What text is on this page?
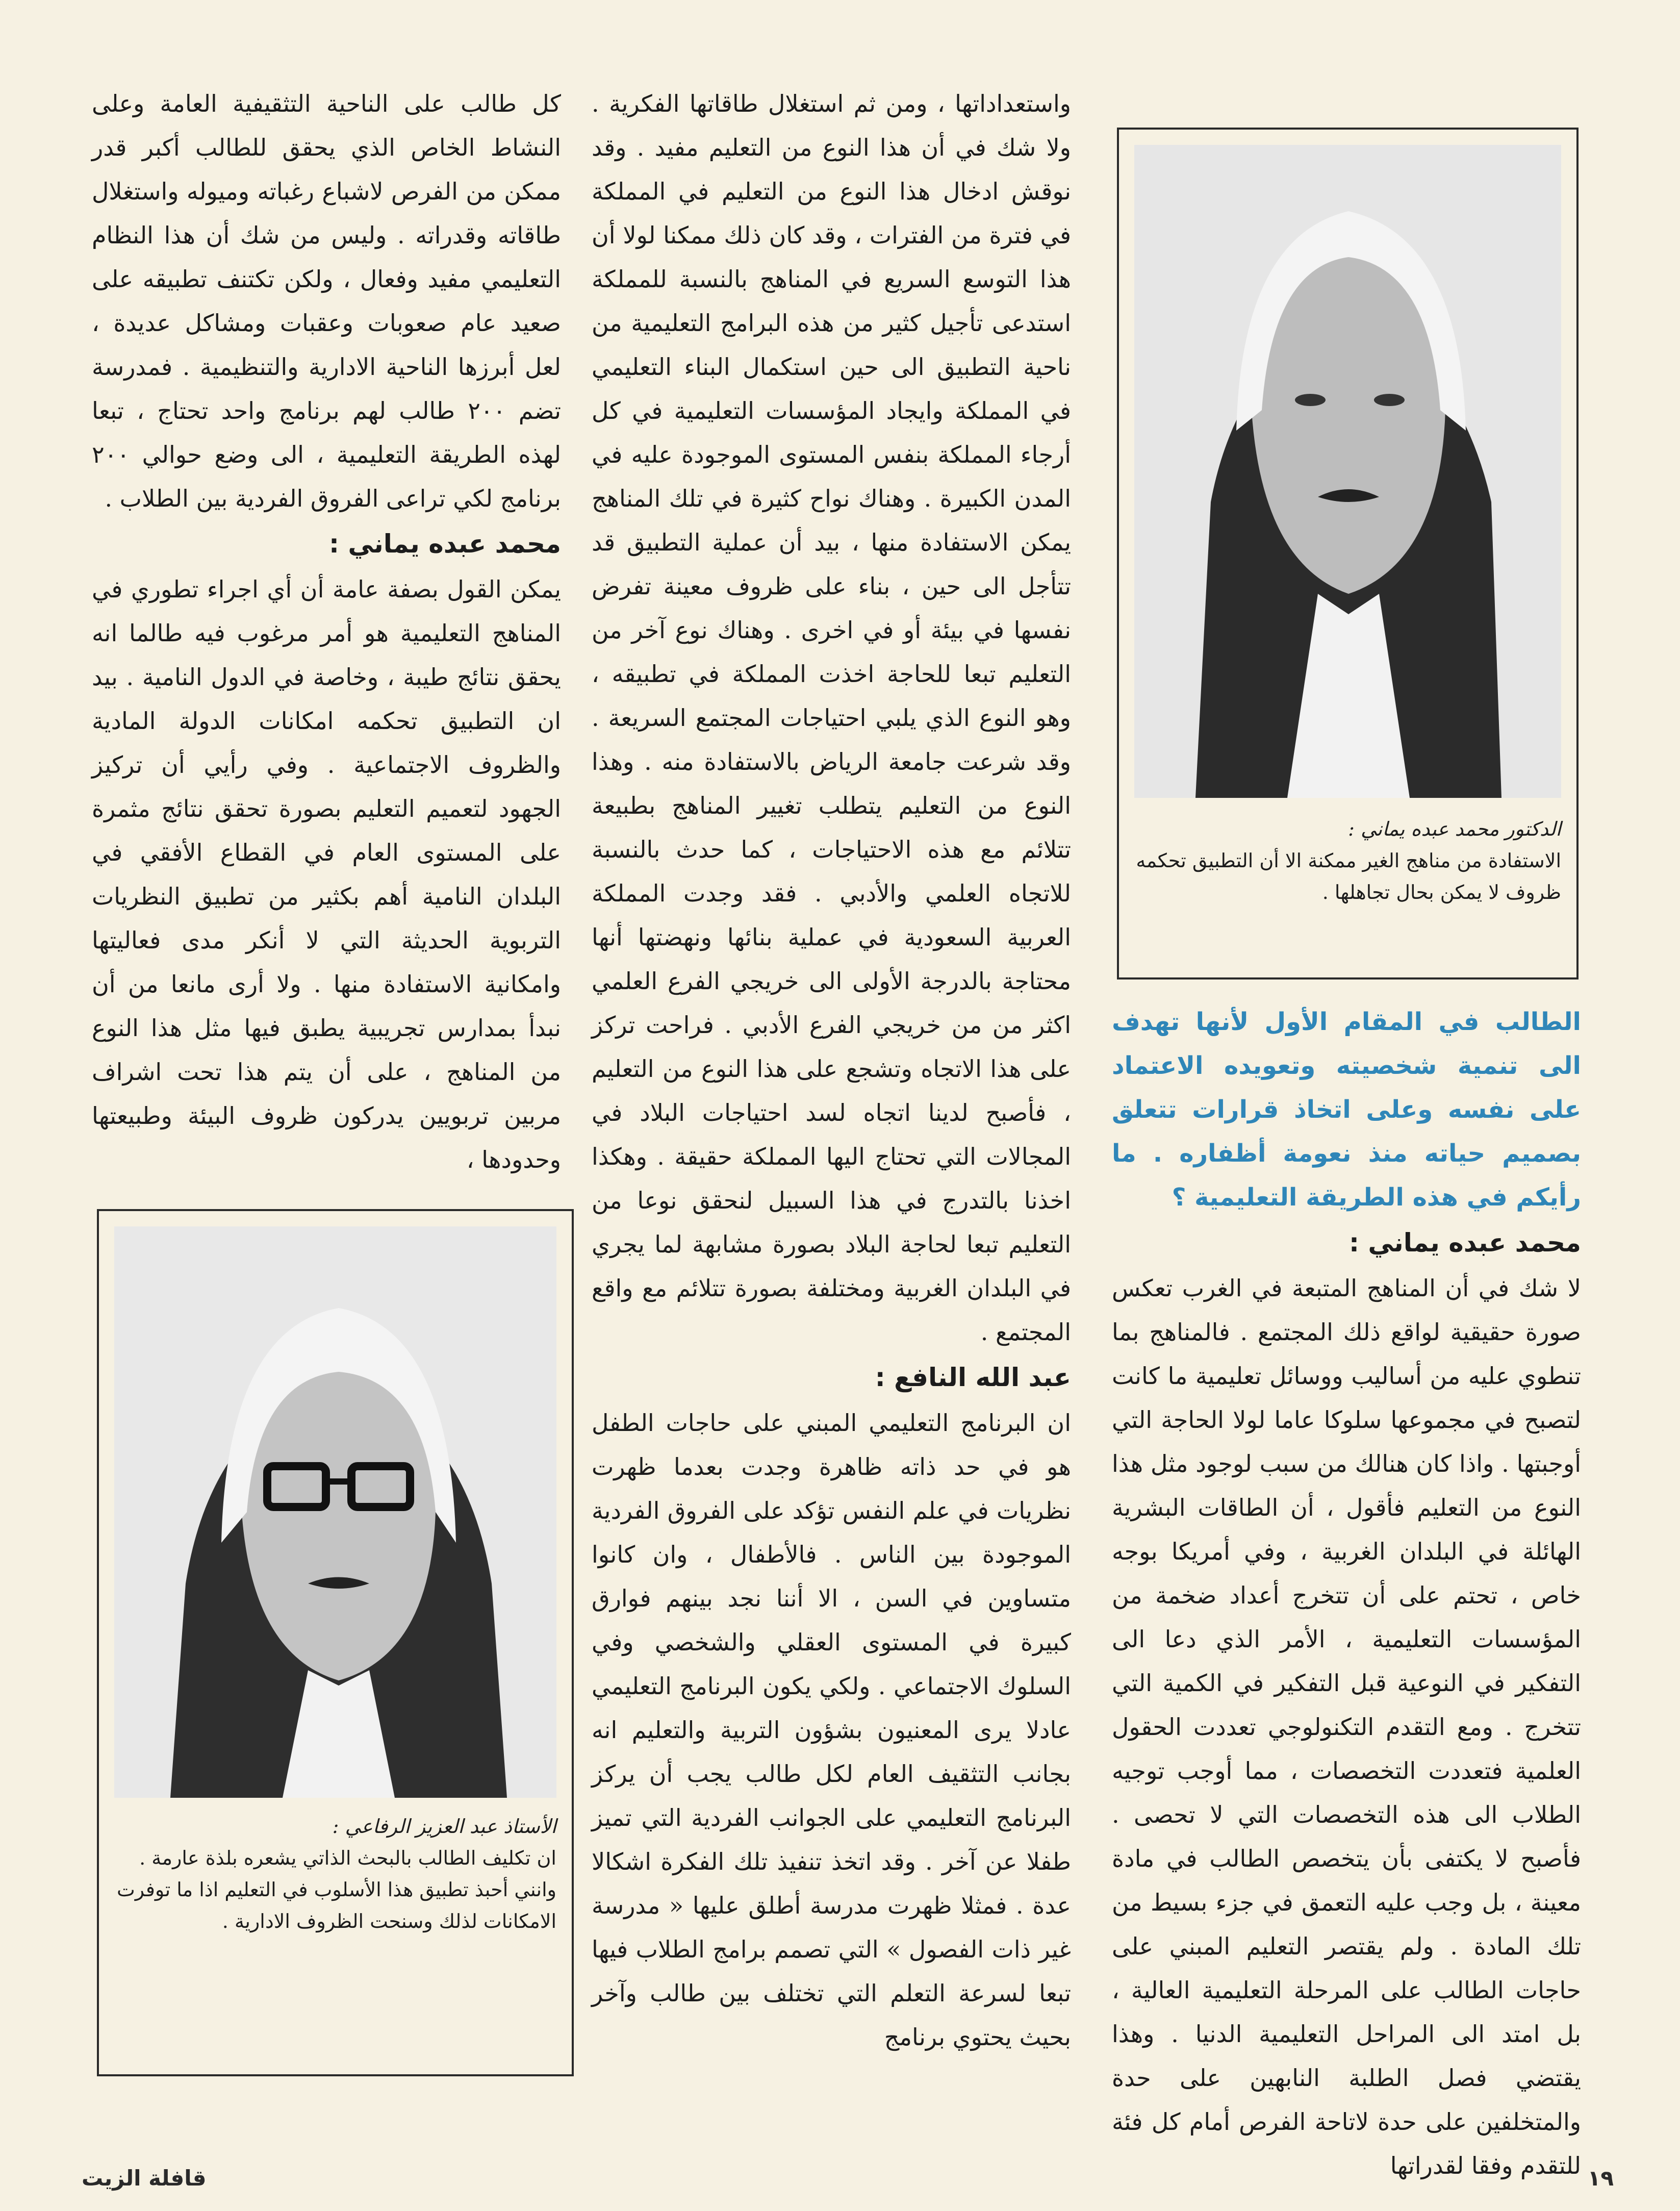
الدكتور محمد عبده يماني :
الاستفادة من مناهج الغير ممكنة الا أن التطبيق تحكمه ظروف لا يمكن بحال تجاهلها .

الطالب في المقام الأول لأنها تهدف الى تنمية شخصيته وتعويده الاعتماد على نفسه وعلى اتخاذ قرارات تتعلق بصميم حياته منذ نعومة أظفاره . ما رأيكم في هذه الطريقة التعليمية ؟

محمد عبده يماني :

لا شك في أن المناهج المتبعة في الغرب تعكس صورة حقيقية لواقع ذلك المجتمع . فالمناهج بما تنطوي عليه من أساليب ووسائل تعليمية ما كانت لتصبح في مجموعها سلوكا عاما لولا الحاجة التي أوجبتها . واذا كان هنالك من سبب لوجود مثل هذا النوع من التعليم فأقول ، أن الطاقات البشرية الهائلة في البلدان الغربية ، وفي أمريكا بوجه خاص ، تحتم على أن تتخرج أعداد ضخمة من المؤسسات التعليمية ، الأمر الذي دعا الى التفكير في النوعية قبل التفكير في الكمية التي تتخرج . ومع التقدم التكنولوجي تعددت الحقول العلمية فتعددت التخصصات ، مما أوجب توجيه الطلاب الى هذه التخصصات التي لا تحصى . فأصبح لا يكتفى بأن يتخصص الطالب في مادة معينة ، بل وجب عليه التعمق في جزء بسيط من تلك المادة . ولم يقتصر التعليم المبني على حاجات الطالب على المرحلة التعليمية العالية ، بل امتد الى المراحل التعليمية الدنيا . وهذا يقتضي فصل الطلبة النابهين على حدة والمتخلفين على حدة لاتاحة الفرص أمام كل فئة للتقدم وفقا لقدراتها

واستعداداتها ، ومن ثم استغلال طاقاتها الفكرية . ولا شك في أن هذا النوع من التعليم مفيد . وقد نوقش ادخال هذا النوع من التعليم في المملكة في فترة من الفترات ، وقد كان ذلك ممكنا لولا أن هذا التوسع السريع في المناهج بالنسبة للمملكة استدعى تأجيل كثير من هذه البرامج التعليمية من ناحية التطبيق الى حين استكمال البناء التعليمي في المملكة وايجاد المؤسسات التعليمية في كل أرجاء المملكة بنفس المستوى الموجودة عليه في المدن الكبيرة . وهناك نواح كثيرة في تلك المناهج يمكن الاستفادة منها ، بيد أن عملية التطبيق قد تتأجل الى حين ، بناء على ظروف معينة تفرض نفسها في بيئة أو في اخرى . وهناك نوع آخر من التعليم تبعا للحاجة اخذت المملكة في تطبيقه ، وهو النوع الذي يلبي احتياجات المجتمع السريعة . وقد شرعت جامعة الرياض بالاستفادة منه . وهذا النوع من التعليم يتطلب تغيير المناهج بطبيعة تتلائم مع هذه الاحتياجات ، كما حدث بالنسبة للاتجاه العلمي والأدبي . فقد وجدت المملكة العربية السعودية في عملية بنائها ونهضتها أنها محتاجة بالدرجة الأولى الى خريجي الفرع العلمي اكثر من من خريجي الفرع الأدبي . فراحت تركز على هذا الاتجاه وتشجع على هذا النوع من التعليم ، فأصبح لدينا اتجاه لسد احتياجات البلاد في المجالات التي تحتاج اليها المملكة حقيقة . وهكذا اخذنا بالتدرج في هذا السبيل لنحقق نوعا من التعليم تبعا لحاجة البلاد بصورة مشابهة لما يجري في البلدان الغربية ومختلفة بصورة تتلائم مع واقع المجتمع .

عبد الله النافع :

ان البرنامج التعليمي المبني على حاجات الطفل هو في حد ذاته ظاهرة وجدت بعدما ظهرت نظريات في علم النفس تؤكد على الفروق الفردية الموجودة بين الناس . فالأطفال ، وان كانوا متساوين في السن ، الا أننا نجد بينهم فوارق كبيرة في المستوى العقلي والشخصي وفي السلوك الاجتماعي . ولكي يكون البرنامج التعليمي عادلا يرى المعنيون بشؤون التربية والتعليم انه بجانب التثقيف العام لكل طالب يجب أن يركز البرنامج التعليمي على الجوانب الفردية التي تميز طفلا عن آخر . وقد اتخذ تنفيذ تلك الفكرة اشكالا عدة . فمثلا ظهرت مدرسة أطلق عليها « مدرسة غير ذات الفصول » التي تصمم برامج الطلاب فيها تبعا لسرعة التعلم التي تختلف بين طالب وآخر بحيث يحتوي برنامج

كل طالب على الناحية التثقيفية العامة وعلى النشاط الخاص الذي يحقق للطالب أكبر قدر ممكن من الفرص لاشباع رغباته وميوله واستغلال طاقاته وقدراته . وليس من شك أن هذا النظام التعليمي مفيد وفعال ، ولكن تكتنف تطبيقه على صعيد عام صعوبات وعقبات ومشاكل عديدة ، لعل أبرزها الناحية الادارية والتنظيمية . فمدرسة تضم ٢٠٠ طالب لهم برنامج واحد تحتاج ، تبعا لهذه الطريقة التعليمية ، الى وضع حوالي ٢٠٠ برنامج لكي تراعى الفروق الفردية بين الطلاب .

محمد عبده يماني :

يمكن القول بصفة عامة أن أي اجراء تطوري في المناهج التعليمية هو أمر مرغوب فيه طالما انه يحقق نتائج طيبة ، وخاصة في الدول النامية . بيد ان التطبيق تحكمه امكانات الدولة المادية والظروف الاجتماعية . وفي رأيي أن تركيز الجهود لتعميم التعليم بصورة تحقق نتائج مثمرة على المستوى العام في القطاع الأفقي في البلدان النامية أهم بكثير من تطبيق النظريات التربوية الحديثة التي لا أنكر مدى فعاليتها وامكانية الاستفادة منها . ولا أرى مانعا من أن نبدأ بمدارس تجريبية يطبق فيها مثل هذا النوع من المناهج ، على أن يتم هذا تحت اشراف مربين تربويين يدركون ظروف البيئة وطبيعتها وحدودها ،

الأستاذ عبد العزيز الرفاعي :
ان تكليف الطالب بالبحث الذاتي يشعره بلذة عارمة . وانني أحبذ تطبيق هذا الأسلوب في التعليم اذا ما توفرت الامكانات لذلك وسنحت الظروف الادارية .
١٩
قافلة الزيت
